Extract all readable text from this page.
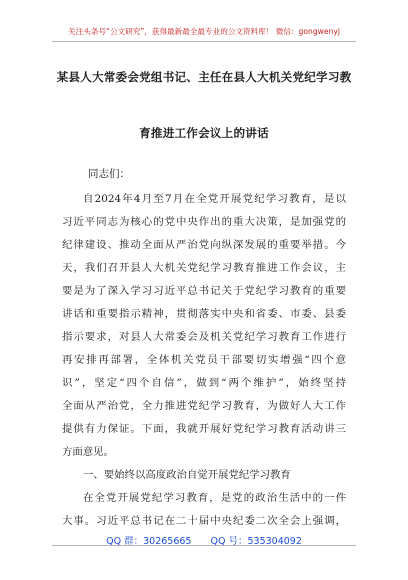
关注头条号“公文研究”，获得最新最全最专业的公文资料库！ 微信：gongwenyj
某县人大常委会党组书记、主任在县人大机关党纪学习教
育推进工作会议上的讲话
同志们：
自2024年4月至7月在全党开展党纪学习教育，是以
习近平同志为核心的党中央作出的重大决策，是加强党的
纪律建设、推动全面从严治党向纵深发展的重要举措。今
天，我们召开县人大机关党纪学习教育推进工作会议，主
要是为了深入学习习近平总书记关于党纪学习教育的重要
讲话和重要指示精神，贯彻落实中央和省委、市委、县委
指示要求，对县人大常委会及机关党纪学习教育工作进行
再安排再部署，全体机关党员干部要切实增强“四个意
识”，坚定“四个自信”，做到“两个维护”，始终坚持
全面从严治党，全力推进党纪学习教育，为做好人大工作
提供有力保证。下面，我就开展好党纪学习教育活动讲三
方面意见。
一、要始终以高度政治自觉开展党纪学习教育
QQ 群：30265665 QQ 号：535304092
在全党开展党纪学习教育，是党的政治生活中的一件
大事。习近平总书记在二十届中央纪委二次全会上强调，
